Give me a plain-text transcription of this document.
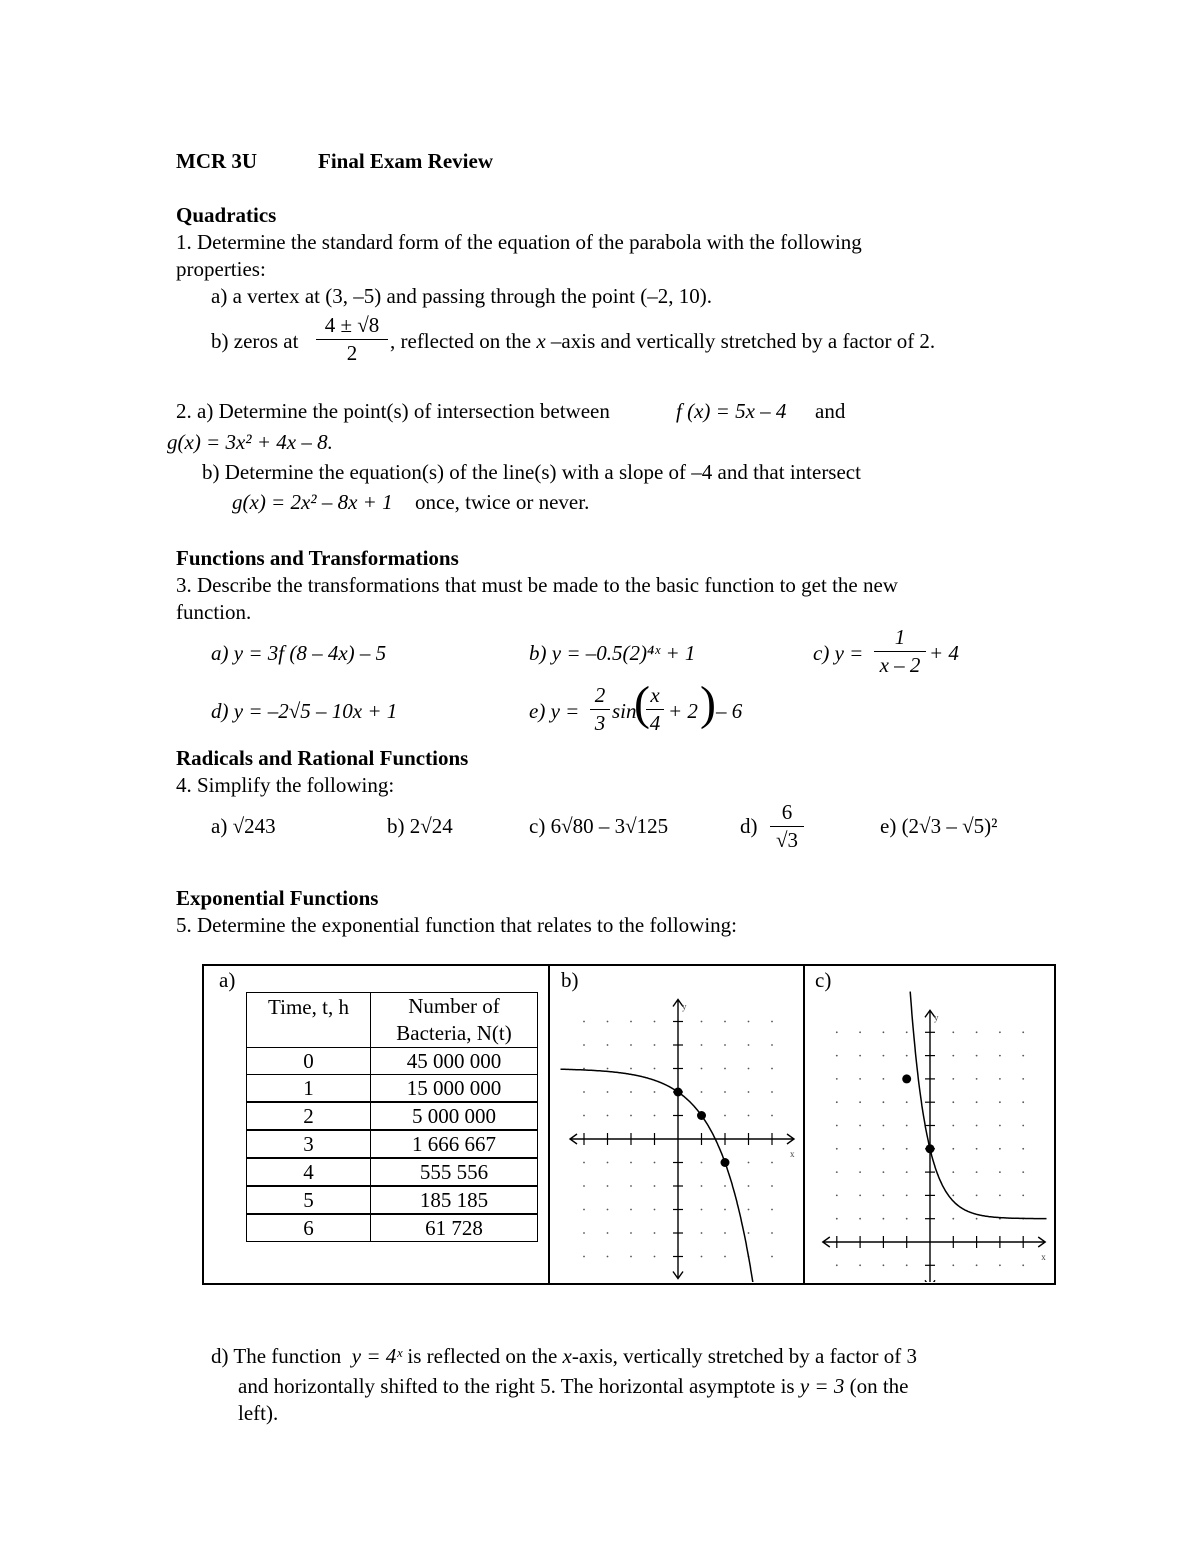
MCR 3U	Final Exam Review
Quadratics
1. Determine the standard form of the equation of the parabola with the following
properties:
a) a vertex at (3, –5) and passing through the point (–2, 10).
b) zeros at
4 ± √8
2	, reflected on the x –axis and vertically stretched by a factor of 2.
2. a) Determine the point(s) of intersection between	f (x) = 5x – 4 and
g(x) = 3x² + 4x – 8.
b) Determine the equation(s) of the line(s) with a slope of –4 and that intersect
g(x) = 2x² – 8x + 1 once, twice or never.
Functions and Transformations
3. Describe the transformations that must be made to the basic function to get the new
function.
a) y = 3f (8 – 4x) – 5	b) y = –0.5(2)⁴ˣ + 1	c) y =
1
x – 2 + 4
d) y = –2√5 – 10x + 1	e) y =
2
3 sin
( x
4 + 2 ) – 6
Radicals and Rational Functions
4. Simplify the following:
a) √243	b) 2√24	c) 6√80 – 3√125	d)
6
√3
e) (2√3 – √5)²
Exponential Functions
5. Determine the exponential function that relates to the following:
a)	b)	c)
Time, t, h	Number of Bacteria, N(t)
0	45 000 000
1	15 000 000
2	5 000 000
3	1 666 667
4	555 556
5	185 185
6	61 728
y
x
y
x
d) The function y = 4ˣ is reflected on the x-axis, vertically stretched by a factor of 3
and horizontally shifted to the right 5. The horizontal asymptote is y = 3 (on the
left).
